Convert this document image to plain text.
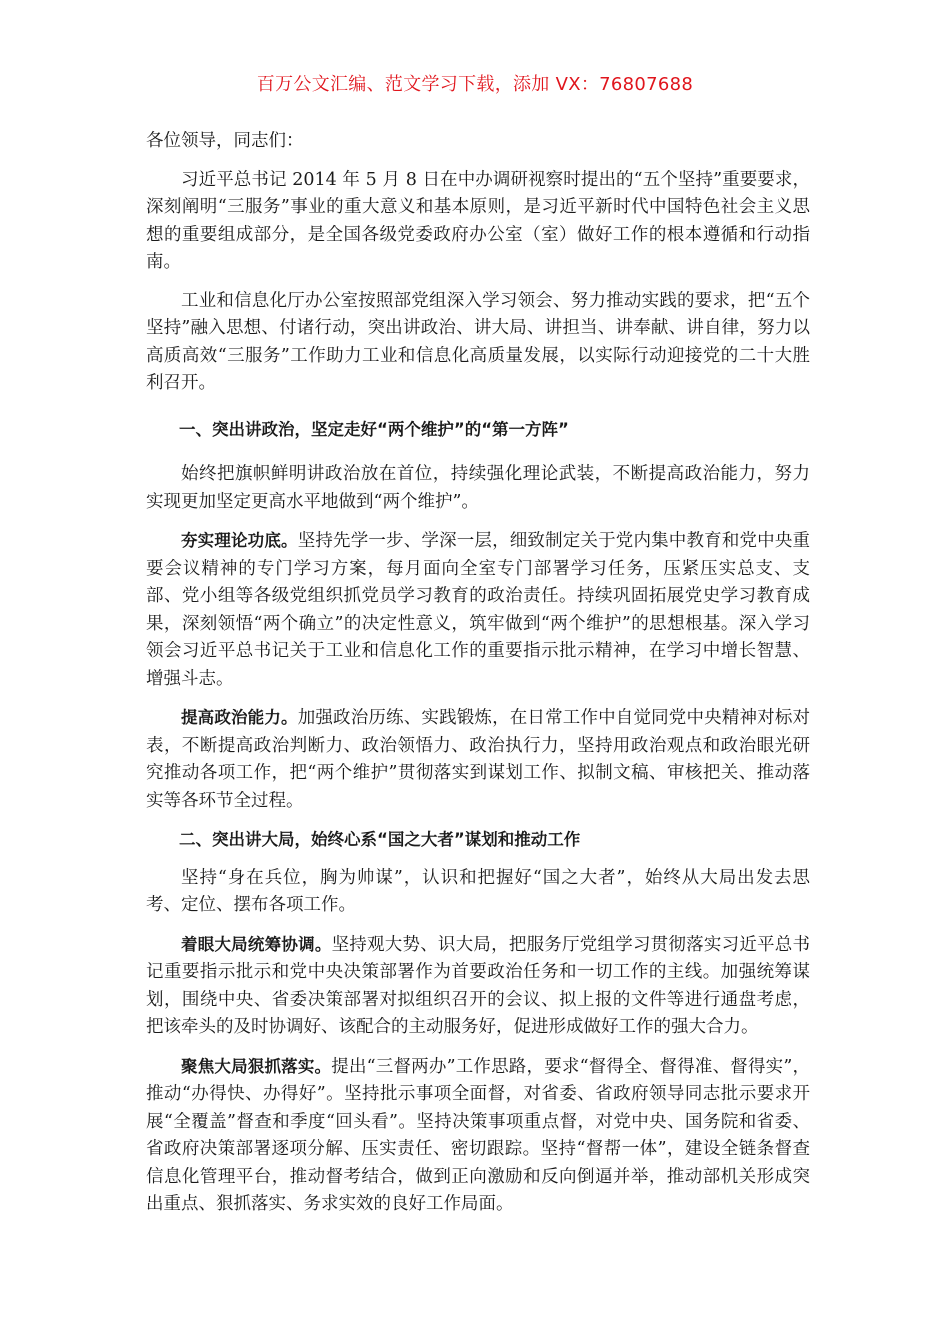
百万公文汇编、范文学习下载，添加 VX：76807688

各位领导，同志们：

习近平总书记 2014 年 5 月 8 日在中办调研视察时提出的“五个坚持”重要要求，深刻阐明“三服务”事业的重大意义和基本原则，是习近平新时代中国特色社会主义思想的重要组成部分，是全国各级党委政府办公室（室）做好工作的根本遵循和行动指南。

工业和信息化厅办公室按照部党组深入学习领会、努力推动实践的要求，把“五个坚持”融入思想、付诸行动，突出讲政治、讲大局、讲担当、讲奉献、讲自律，努力以高质高效“三服务”工作助力工业和信息化高质量发展，以实际行动迎接党的二十大胜利召开。

一、突出讲政治，坚定走好“两个维护”的“第一方阵”

始终把旗帜鲜明讲政治放在首位，持续强化理论武装，不断提高政治能力，努力实现更加坚定更高水平地做到“两个维护”。

夯实理论功底。坚持先学一步、学深一层，细致制定关于党内集中教育和党中央重要会议精神的专门学习方案，每月面向全室专门部署学习任务，压紧压实总支、支部、党小组等各级党组织抓党员学习教育的政治责任。持续巩固拓展党史学习教育成果，深刻领悟“两个确立”的决定性意义，筑牢做到“两个维护”的思想根基。深入学习领会习近平总书记关于工业和信息化工作的重要指示批示精神，在学习中增长智慧、增强斗志。

提高政治能力。加强政治历练、实践锻炼，在日常工作中自觉同党中央精神对标对表，不断提高政治判断力、政治领悟力、政治执行力，坚持用政治观点和政治眼光研究推动各项工作，把“两个维护”贯彻落实到谋划工作、拟制文稿、审核把关、推动落实等各环节全过程。

二、突出讲大局，始终心系“国之大者”谋划和推动工作

坚持“身在兵位，胸为帅谋”，认识和把握好“国之大者”，始终从大局出发去思考、定位、摆布各项工作。

着眼大局统筹协调。坚持观大势、识大局，把服务厅党组学习贯彻落实习近平总书记重要指示批示和党中央决策部署作为首要政治任务和一切工作的主线。加强统筹谋划，围绕中央、省委决策部署对拟组织召开的会议、拟上报的文件等进行通盘考虑，把该牵头的及时协调好、该配合的主动服务好，促进形成做好工作的强大合力。

聚焦大局狠抓落实。提出“三督两办”工作思路，要求“督得全、督得准、督得实”，推动“办得快、办得好”。坚持批示事项全面督，对省委、省政府领导同志批示要求开展“全覆盖”督查和季度“回头看”。坚持决策事项重点督，对党中央、国务院和省委、省政府决策部署逐项分解、压实责任、密切跟踪。坚持“督帮一体”，建设全链条督查信息化管理平台，推动督考结合，做到正向激励和反向倒逼并举，推动部机关形成突出重点、狠抓落实、务求实效的良好工作局面。
